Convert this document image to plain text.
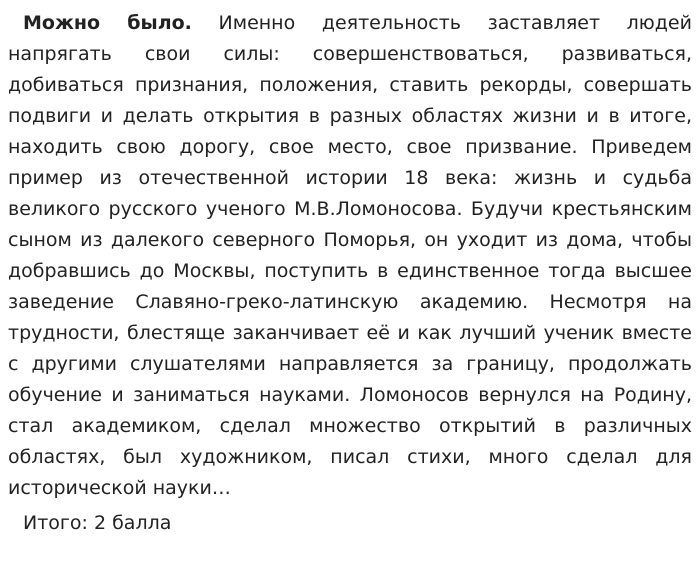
Можно было. Именно деятельность заставляет людей напрягать свои силы: совершенствоваться, развиваться, добиваться признания, положения, ставить рекорды, совершать подвиги и делать открытия в разных областях жизни и в итоге, находить свою дорогу, свое место, свое призвание. Приведем пример из отечественной истории 18 века: жизнь и судьба великого русского ученого М.В.Ломоносова. Будучи крестьянским сыном из далекого северного Поморья, он уходит из дома, чтобы добравшись до Москвы, поступить в единственное тогда высшее заведение Славяно-греко-латинскую академию. Несмотря на трудности, блестяще заканчивает её и как лучший ученик вместе с другими слушателями направляется за границу, продолжать обучение и заниматься науками. Ломоносов вернулся на Родину, стал академиком, сделал множество открытий в различных областях, был художником, писал стихи, много сделал для исторической науки…

Итого: 2 балла
